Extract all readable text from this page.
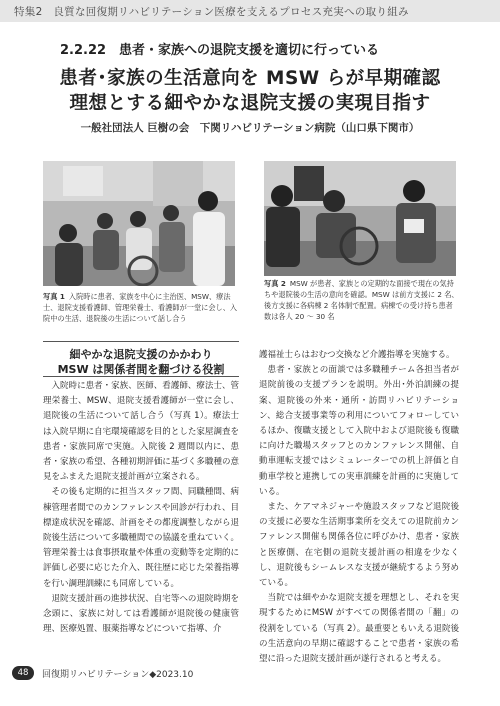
特集2　良質な回復期リハビリテーション医療を支えるプロセス充実への取り組み
2.2.22　患者・家族への退院支援を適切に行っている
患者･家族の生活意向を MSW らが早期確認
理想とする細やかな退院支援の実現目指す
一般社団法人 巨樹の会　下関リハビリテーション病院（山口県下関市）
写真 1 入院時に患者、家族を中心に主治医、MSW、療法士、退院支援看護師、管理栄養士、看護師が一堂に会し、入院中の生活、退院後の生活について話し合う
写真 2 MSW が患者、家族との定期的な面接で現在の気持ちや退院後の生活の意向を確認。MSW は前方支援に 2 名、後方支援に各病棟 2 名体制で配置。病棟での受け持ち患者数は各人 20 ～ 30 名
細やかな退院支援のかかわり
MSW は関係者間を翻づける役割

入院時に患者・家族、医師、看護師、療法士、管理栄養士、MSW、退院支援看護師が一堂に会し、退院後の生活について話し合う（写真 1）。療法士は入院早期に自宅環境確認を目的とした家屋調査を患者・家族同席で実施。入院後 2 週間以内に、患者・家族の希望、各種初期評価に基づく多職種の意見をふまえた退院支援計画が立案される。

その後も定期的に担当スタッフ間、同職種間、病棟管理者間でのカンファレンスや回診が行われ、目標達成状況を確認、計画をその都度調整しながら退院後生活について多職種間での協議を重ねていく。管理栄養士は食事摂取量や体重の変動等を定期的に評価し必要に応じた介入、既往歴に応じた栄養指導を行い調理訓練にも同席している。

退院支援計画の進捗状況、自宅等への退院時期を念頭に、家族に対しては看護師が退院後の健康管理、医療処置、服薬指導などについて指導、介

護福祉士らはおむつ交換など介護指導を実施する。

患者・家族との面談では多職種チーム各担当者が退院前後の支援プランを説明。外出･外泊訓練の提案、退院後の外来・通所・訪問リハビリテーション、総合支援事業等の利用についてフォローしているほか、復職支援として入院中および退院後も復職に向けた職場スタッフとのカンファレンス開催、自動車運転支援ではシミュレーターでの机上評価と自動車学校と連携しての実車訓練を計画的に実施している。

また、ケアマネジャーや施設スタッフなど退院後の支援に必要な生活期事業所を交えての退院前カンファレンス開催も関係各位に呼びかけ、患者・家族と医療側、在宅側の退院支援計画の相違を少なくし、退院後もシームレスな支援が継続するよう努めている。

当院では細やかな退院支援を理想とし、それを実現するためにMSW がすべての関係者間の「翻」の役割をしている（写真 2）。最重要ともいえる退院後の生活意向の早期に確認することで患者・家族の希望に沿った退院支援計画が遂行されると考える。

48	回復期リハビリテーション◆2023.10
